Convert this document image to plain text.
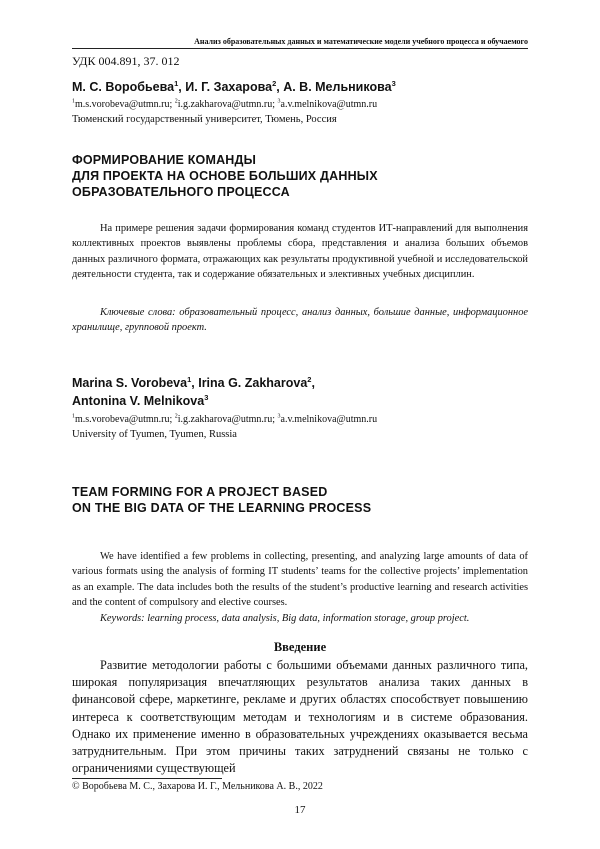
Анализ образовательных данных и математические модели учебного процесса и обучаемого
УДК 004.891, 37. 012
М. С. Воробьева$^1$, И. Г. Захарова$^2$, А. В. Мельникова$^3$
$^1$m.s.vorobeva@utmn.ru; $^2$i.g.zakharova@utmn.ru; $^3$a.v.melnikova@utmn.ru
Тюменский государственный университет, Тюмень, Россия
ФОРМИРОВАНИЕ КОМАНДЫ
ДЛЯ ПРОЕКТА НА ОСНОВЕ БОЛЬШИХ ДАННЫХ
ОБРАЗОВАТЕЛЬНОГО ПРОЦЕССА

На примере решения задачи формирования команд студентов ИТ-направлений для выполнения коллективных проектов выявлены проблемы сбора, представления и анализа больших объемов данных различного формата, отражающих как результаты продуктивной учебной и исследовательской деятельности студента, так и содержание обязательных и элективных учебных дисциплин.

Ключевые слова: образовательный процесс, анализ данных, большие данные, информационное хранилище, групповой проект.

Marina S. Vorobeva$^1$, Irina G. Zakharova$^2$,
Antonina V. Melnikova$^3$
$^1$m.s.vorobeva@utmn.ru; $^2$i.g.zakharova@utmn.ru; $^3$a.v.melnikova@utmn.ru
University of Tyumen, Tyumen, Russia
TEAM FORMING FOR A PROJECT BASED
ON THE BIG DATA OF THE LEARNING PROCESS

We have identified a few problems in collecting, presenting, and analyzing large amounts of data of various formats using the analysis of forming IT students’ teams for the collective projects’ implementation as an example. The data includes both the results of the student’s productive learning and research activities and the content of compulsory and elective courses.

Keywords: learning process, data analysis, Big data, information storage, group project.

Введение

Развитие методологии работы с большими объемами данных различного типа, широкая популяризация впечатляющих результатов анализа таких данных в финансовой сфере, маркетинге, рекламе и других областях способствует повышению интереса к соответствующим методам и технологиям и в системе образования. Однако их применение именно в образовательных учреждениях оказывается весьма затруднительным. При этом причины таких затруднений связаны не только с ограничениями существующей

© Воробьева М. С., Захарова И. Г., Мельникова А. В., 2022
17
